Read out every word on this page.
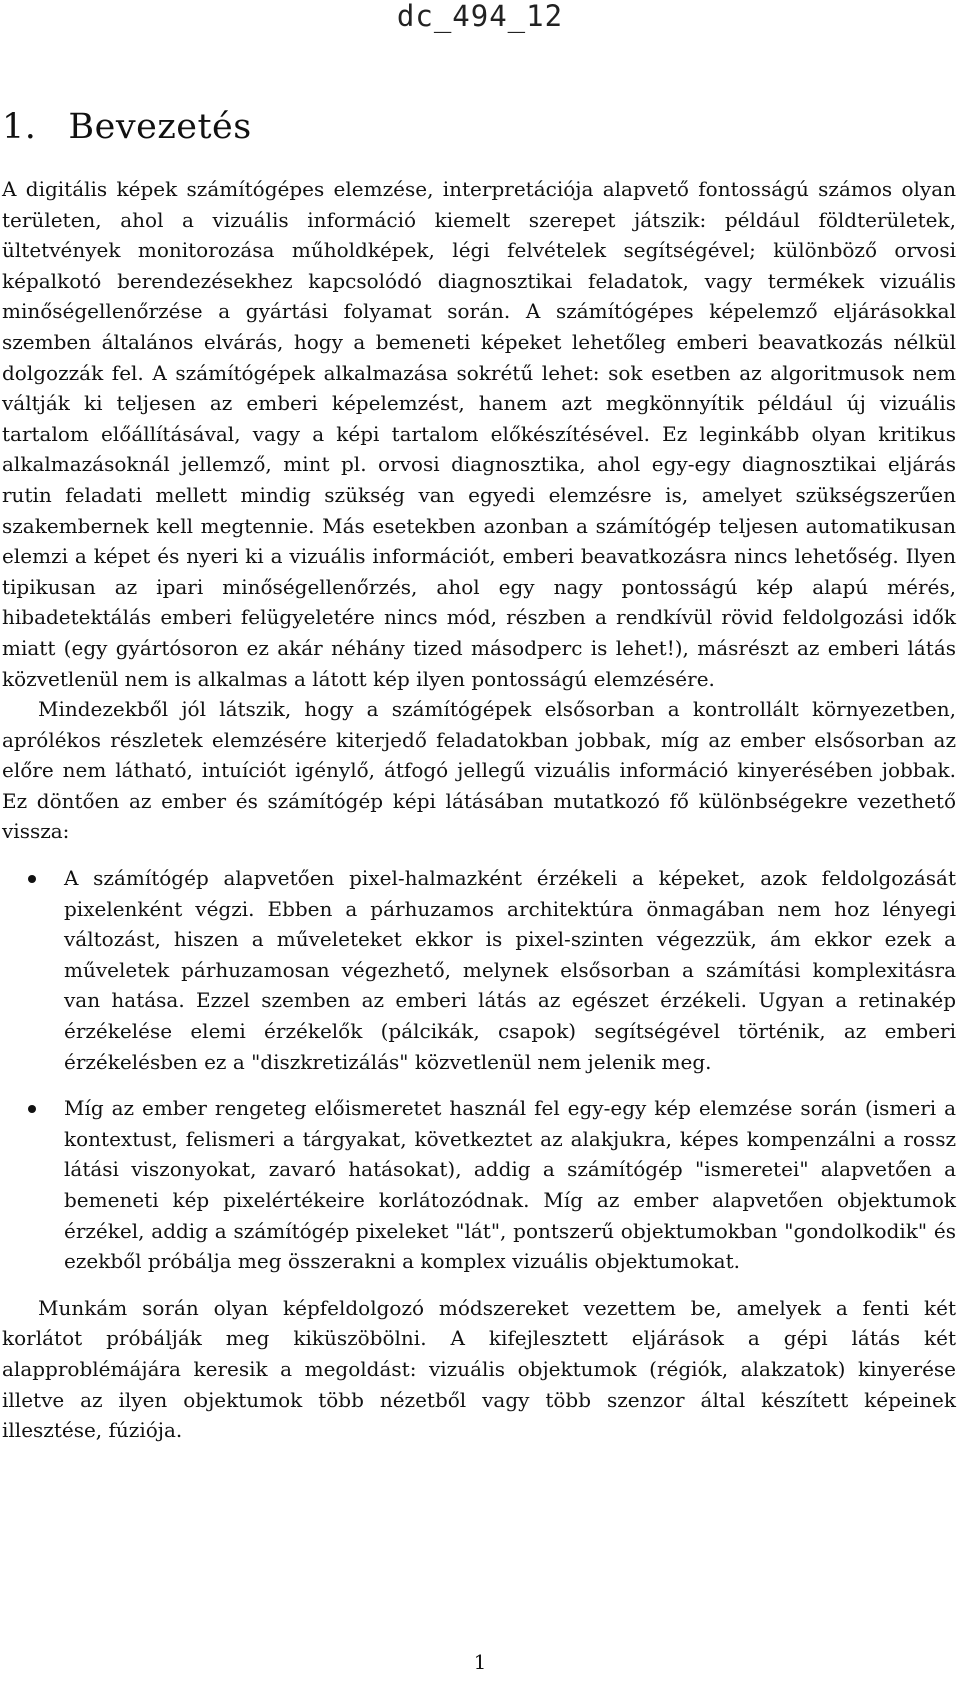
dc_494_12
1. Bevezetés

A digitális képek számítógépes elemzése, interpretációja alapvető fontosságú számos olyan területen, ahol a vizuális információ kiemelt szerepet játszik: például földterületek, ültetvények monitorozása műholdképek, légi felvételek segítségével; különböző orvosi képalkotó berendezésekhez kapcsolódó diagnosztikai feladatok, vagy termékek vizuális minőségellenőrzése a gyártási folyamat során. A számítógépes képelemző eljárásokkal szemben általános elvárás, hogy a bemeneti képeket lehetőleg emberi beavatkozás nélkül dolgozzák fel. A számítógépek alkalmazása sokrétű lehet: sok esetben az algoritmusok nem váltják ki teljesen az emberi képelemzést, hanem azt megkönnyítik például új vizuális tartalom előállításával, vagy a képi tartalom előkészítésével. Ez leginkább olyan kritikus alkalmazásoknál jellemző, mint pl. orvosi diagnosztika, ahol egy-egy diagnosztikai eljárás rutin feladati mellett mindig szükség van egyedi elemzésre is, amelyet szükségszerűen szakembernek kell megtennie. Más esetekben azonban a számítógép teljesen automatikusan elemzi a képet és nyeri ki a vizuális információt, emberi beavatkozásra nincs lehetőség. Ilyen tipikusan az ipari minőségellenőrzés, ahol egy nagy pontosságú kép alapú mérés, hibadetektálás emberi felügyeletére nincs mód, részben a rendkívül rövid feldolgozási idők miatt (egy gyártósoron ez akár néhány tized másodperc is lehet!), másrészt az emberi látás közvetlenül nem is alkalmas a látott kép ilyen pontosságú elemzésére.

Mindezekből jól látszik, hogy a számítógépek elsősorban a kontrollált környezetben, aprólékos részletek elemzésére kiterjedő feladatokban jobbak, míg az ember elsősorban az előre nem látható, intuíciót igénylő, átfogó jellegű vizuális információ kinyerésében jobbak. Ez döntően az ember és számítógép képi látásában mutatkozó fő különbségekre vezethető vissza:

A számítógép alapvetően pixel-halmazként érzékeli a képeket, azok feldolgozását pixelenként végzi. Ebben a párhuzamos architektúra önmagában nem hoz lényegi változást, hiszen a műveleteket ekkor is pixel-szinten végezzük, ám ekkor ezek a műveletek párhuzamosan végezhető, melynek elsősorban a számítási komplexitásra van hatása. Ezzel szemben az emberi látás az egészet érzékeli. Ugyan a retinakép érzékelése elemi érzékelők (pálcikák, csapok) segítségével történik, az emberi érzékelésben ez a "diszkretizálás" közvetlenül nem jelenik meg.
Míg az ember rengeteg előismeretet használ fel egy-egy kép elemzése során (ismeri a kontextust, felismeri a tárgyakat, következtet az alakjukra, képes kompenzálni a rossz látási viszonyokat, zavaró hatásokat), addig a számítógép "ismeretei" alapvetően a bemeneti kép pixelértékeire korlátozódnak. Míg az ember alapvetően objektumok érzékel, addig a számítógép pixeleket "lát", pontszerű objektumokban "gondolkodik" és ezekből próbálja meg összerakni a komplex vizuális objektumokat.

Munkám során olyan képfeldolgozó módszereket vezettem be, amelyek a fenti két korlátot próbálják meg kiküszöbölni. A kifejlesztett eljárások a gépi látás két alapproblémájára keresik a megoldást: vizuális objektumok (régiók, alakzatok) kinyerése illetve az ilyen objektumok több nézetből vagy több szenzor által készített képeinek illesztése, fúziója.

1
